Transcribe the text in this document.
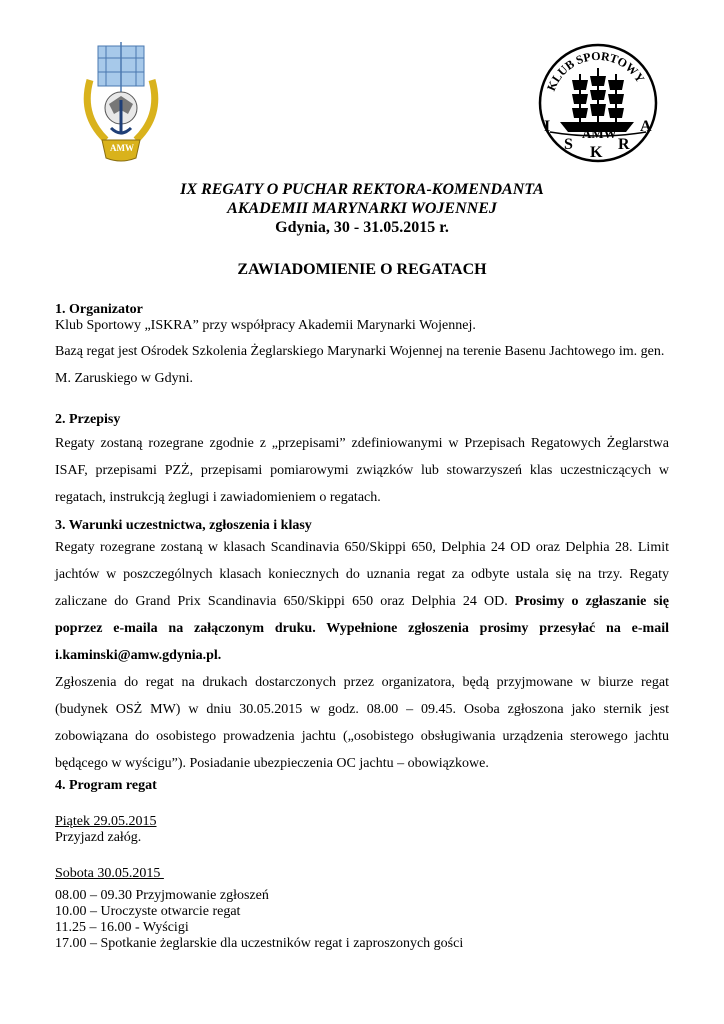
AMW
KLUB SPORTOWY
AMW
I
S K R
A
IX REGATY O PUCHAR REKTORA-KOMENDANTA
AKADEMII MARYNARKI WOJENNEJ
Gdynia, 30 - 31.05.2015 r.
ZAWIADOMIENIE O REGATACH
1. Organizator
Klub Sportowy „ISKRA” przy współpracy Akademii Marynarki Wojennej.

Bazą regat jest Ośrodek Szkolenia Żeglarskiego Marynarki Wojennej na terenie Basenu Jachtowego im. gen. M. Zaruskiego w Gdyni.

2. Przepisy

Regaty zostaną rozegrane zgodnie z „przepisami” zdefiniowanymi w Przepisach Regatowych Żeglarstwa ISAF, przepisami PZŻ, przepisami pomiarowymi związków lub stowarzyszeń klas uczestniczących w regatach, instrukcją żeglugi i zawiadomieniem o regatach.

3. Warunki uczestnictwa, zgłoszenia i klasy

Regaty rozegrane zostaną w klasach Scandinavia 650/Skippi 650, Delphia 24 OD oraz Delphia 28. Limit jachtów w poszczególnych klasach koniecznych do uznania regat za odbyte ustala się na trzy. Regaty zaliczane do Grand Prix Scandinavia 650/Skippi 650 oraz Delphia 24 OD. Prosimy o zgłaszanie się poprzez e-maila na załączonym druku. Wypełnione zgłoszenia prosimy przesyłać na e-mail i.kaminski@amw.gdynia.pl.

Zgłoszenia do regat na drukach dostarczonych przez organizatora, będą przyjmowane w biurze regat (budynek OSŻ MW) w dniu 30.05.2015 w godz. 08.00 – 09.45. Osoba zgłoszona jako sternik jest zobowiązana do osobistego prowadzenia jachtu („osobistego obsługiwania urządzenia sterowego jachtu będącego w wyścigu”). Posiadanie ubezpieczenia OC jachtu – obowiązkowe.

4. Program regat
Piątek 29.05.2015
Przyjazd załóg.
Sobota 30.05.2015
08.00 – 09.30 Przyjmowanie zgłoszeń
10.00 – Uroczyste otwarcie regat
11.25 – 16.00 - Wyścigi
17.00 – Spotkanie żeglarskie dla uczestników regat i zaproszonych gości
